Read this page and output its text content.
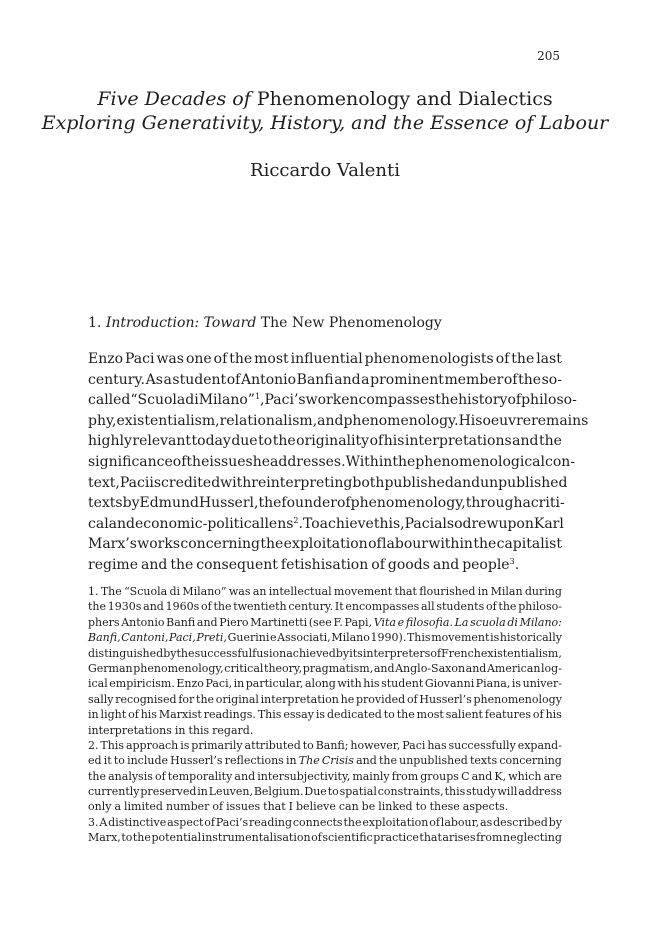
205
Five Decades of Phenomenology and Dialectics
Exploring Generativity, History, and the Essence of Labour
Riccardo Valenti
1. Introduction: Toward The New Phenomenology
Enzo Paci was one of the most influential phenomenologists of the last
century. As a student of Antonio Banfi and a prominent member of the so-
called “Scuola di Milano”$^1$, Paci’s work encompasses the history of philoso-
phy, existentialism, relationalism, and phenomenology. His oeuvre remains
highly relevant today due to the originality of his interpretations and the
significance of the issues he addresses. Within the phenomenological con-
text, Paci is credited with reinterpreting both published and unpublished
texts by Edmund Husserl, the founder of phenomenology, through a criti-
cal and economic-political lens$^2$. To achieve this, Paci also drew upon Karl
Marx’s works concerning the exploitation of labour within the capitalist
regime and the consequent fetishisation of goods and people$^3$.
1. The “Scuola di Milano” was an intellectual movement that flourished in Milan during
the 1930s and 1960s of the twentieth century. It encompasses all students of the philoso-
phers Antonio Banfi and Piero Martinetti (see F. Papi, Vita e filosofia. La scuola di Milano:
Banfi, Cantoni, Paci, Preti, Guerini e Associati, Milano 1990). This movement is historically
distinguished by the successful fusion achieved by its interpreters of French existentialism,
German phenomenology, critical theory, pragmatism, and Anglo-Saxon and American log-
ical empiricism. Enzo Paci, in particular, along with his student Giovanni Piana, is univer-
sally recognised for the original interpretation he provided of Husserl’s phenomenology
in light of his Marxist readings. This essay is dedicated to the most salient features of his
interpretations in this regard.
2. This approach is primarily attributed to Banfi; however, Paci has successfully expand-
ed it to include Husserl’s reflections in The Crisis and the unpublished texts concerning
the analysis of temporality and intersubjectivity, mainly from groups C and K, which are
currently preserved in Leuven, Belgium. Due to spatial constraints, this study will address
only a limited number of issues that I believe can be linked to these aspects.
3. A distinctive aspect of Paci’s reading connects the exploitation of labour, as described by
Marx, to the potential instrumentalisation of scientific practice that arises from neglecting
